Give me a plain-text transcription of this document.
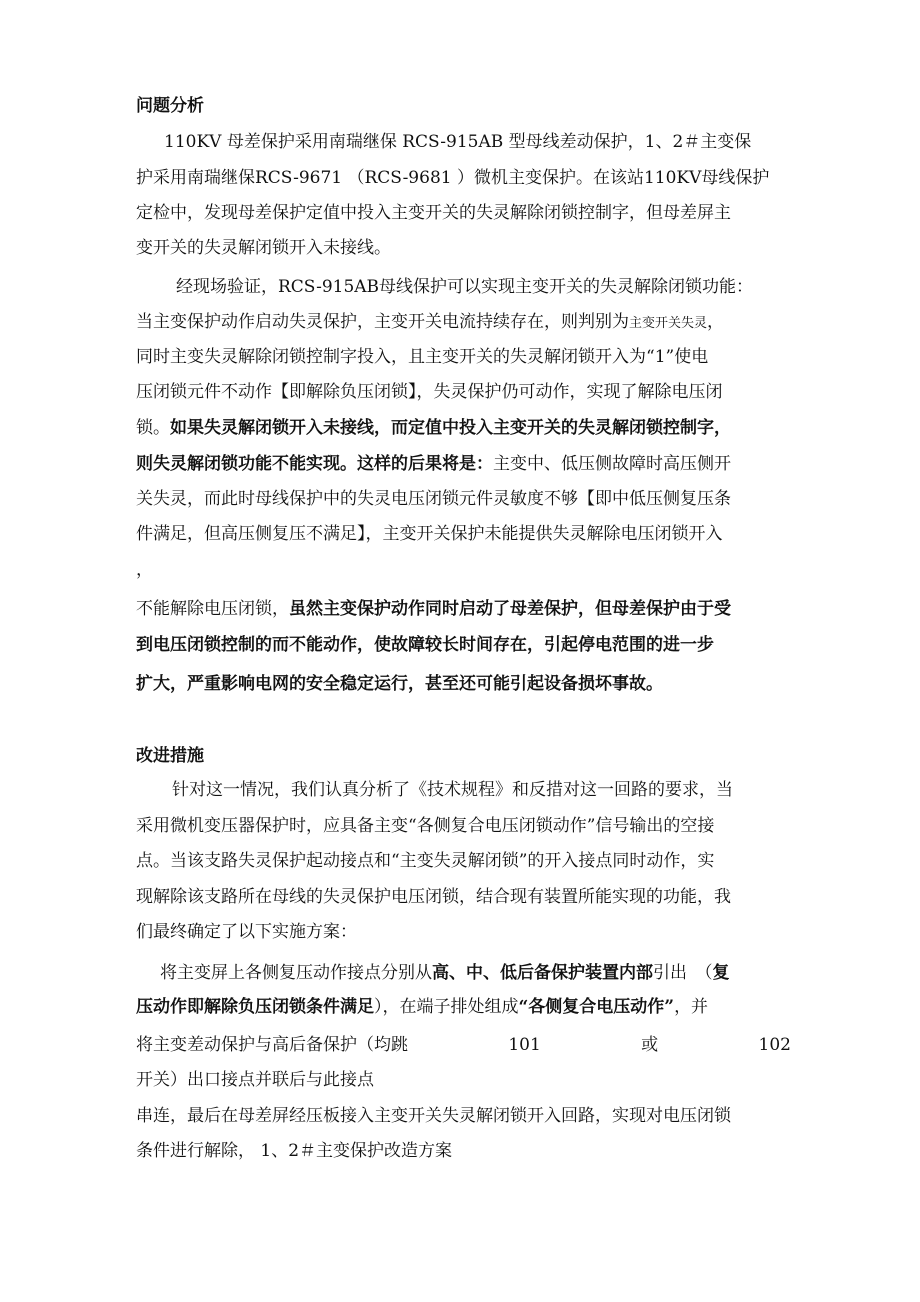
问题分析
110KV 母差保护采用南瑞继保 RCS-915AB 型母线差动保护，1、2＃主变保
护采用南瑞继保RCS-9671 （RCS-9681 ）微机主变保护。在该站110KV母线保护
定检中，发现母差保护定值中投入主变开关的失灵解除闭锁控制字，但母差屏主
变开关的失灵解闭锁开入未接线。
经现场验证，RCS-915AB母线保护可以实现主变开关的失灵解除闭锁功能：
当主变保护动作启动失灵保护，主变开关电流持续存在，则判别为主变开关失灵，
同时主变失灵解除闭锁控制字投入，且主变开关的失灵解闭锁开入为“1”使电
压闭锁元件不动作【即解除负压闭锁】，失灵保护仍可动作，实现了解除电压闭
锁。如果失灵解闭锁开入未接线，而定值中投入主变开关的失灵解闭锁控制字，
则失灵解闭锁功能不能实现。这样的后果将是：主变中、低压侧故障时高压侧开
关失灵，而此时母线保护中的失灵电压闭锁元件灵敏度不够【即中低压侧复压条
件满足，但高压侧复压不满足】，主变开关保护未能提供失灵解除电压闭锁开入
，
不能解除电压闭锁，虽然主变保护动作同时启动了母差保护，但母差保护由于受
到电压闭锁控制的而不能动作，使故障较长时间存在，引起停电范围的进一步
扩大，严重影响电网的安全稳定运行，甚至还可能引起设备损坏事故。
改进措施
针对这一情况，我们认真分析了《技术规程》和反措对这一回路的要求，当
采用微机变压器保护时，应具备主变“各侧复合电压闭锁动作”信号输出的空接
点。当该支路失灵保护起动接点和“主变失灵解闭锁”的开入接点同时动作，实
现解除该支路所在母线的失灵保护电压闭锁，结合现有装置所能实现的功能，我
们最终确定了以下实施方案：
将主变屏上各侧复压动作接点分别从高、中、低后备保护装置内部引出　（复
压动作即解除负压闭锁条件满足），在端子排处组成“各侧复合电压动作”，并
将主变差动保护与高后备保护（均跳	101	或	102
开关）出口接点并联后与此接点
串连，最后在母差屏经压板接入主变开关失灵解闭锁开入回路，实现对电压闭锁
条件进行解除， 1、2＃主变保护改造方案
